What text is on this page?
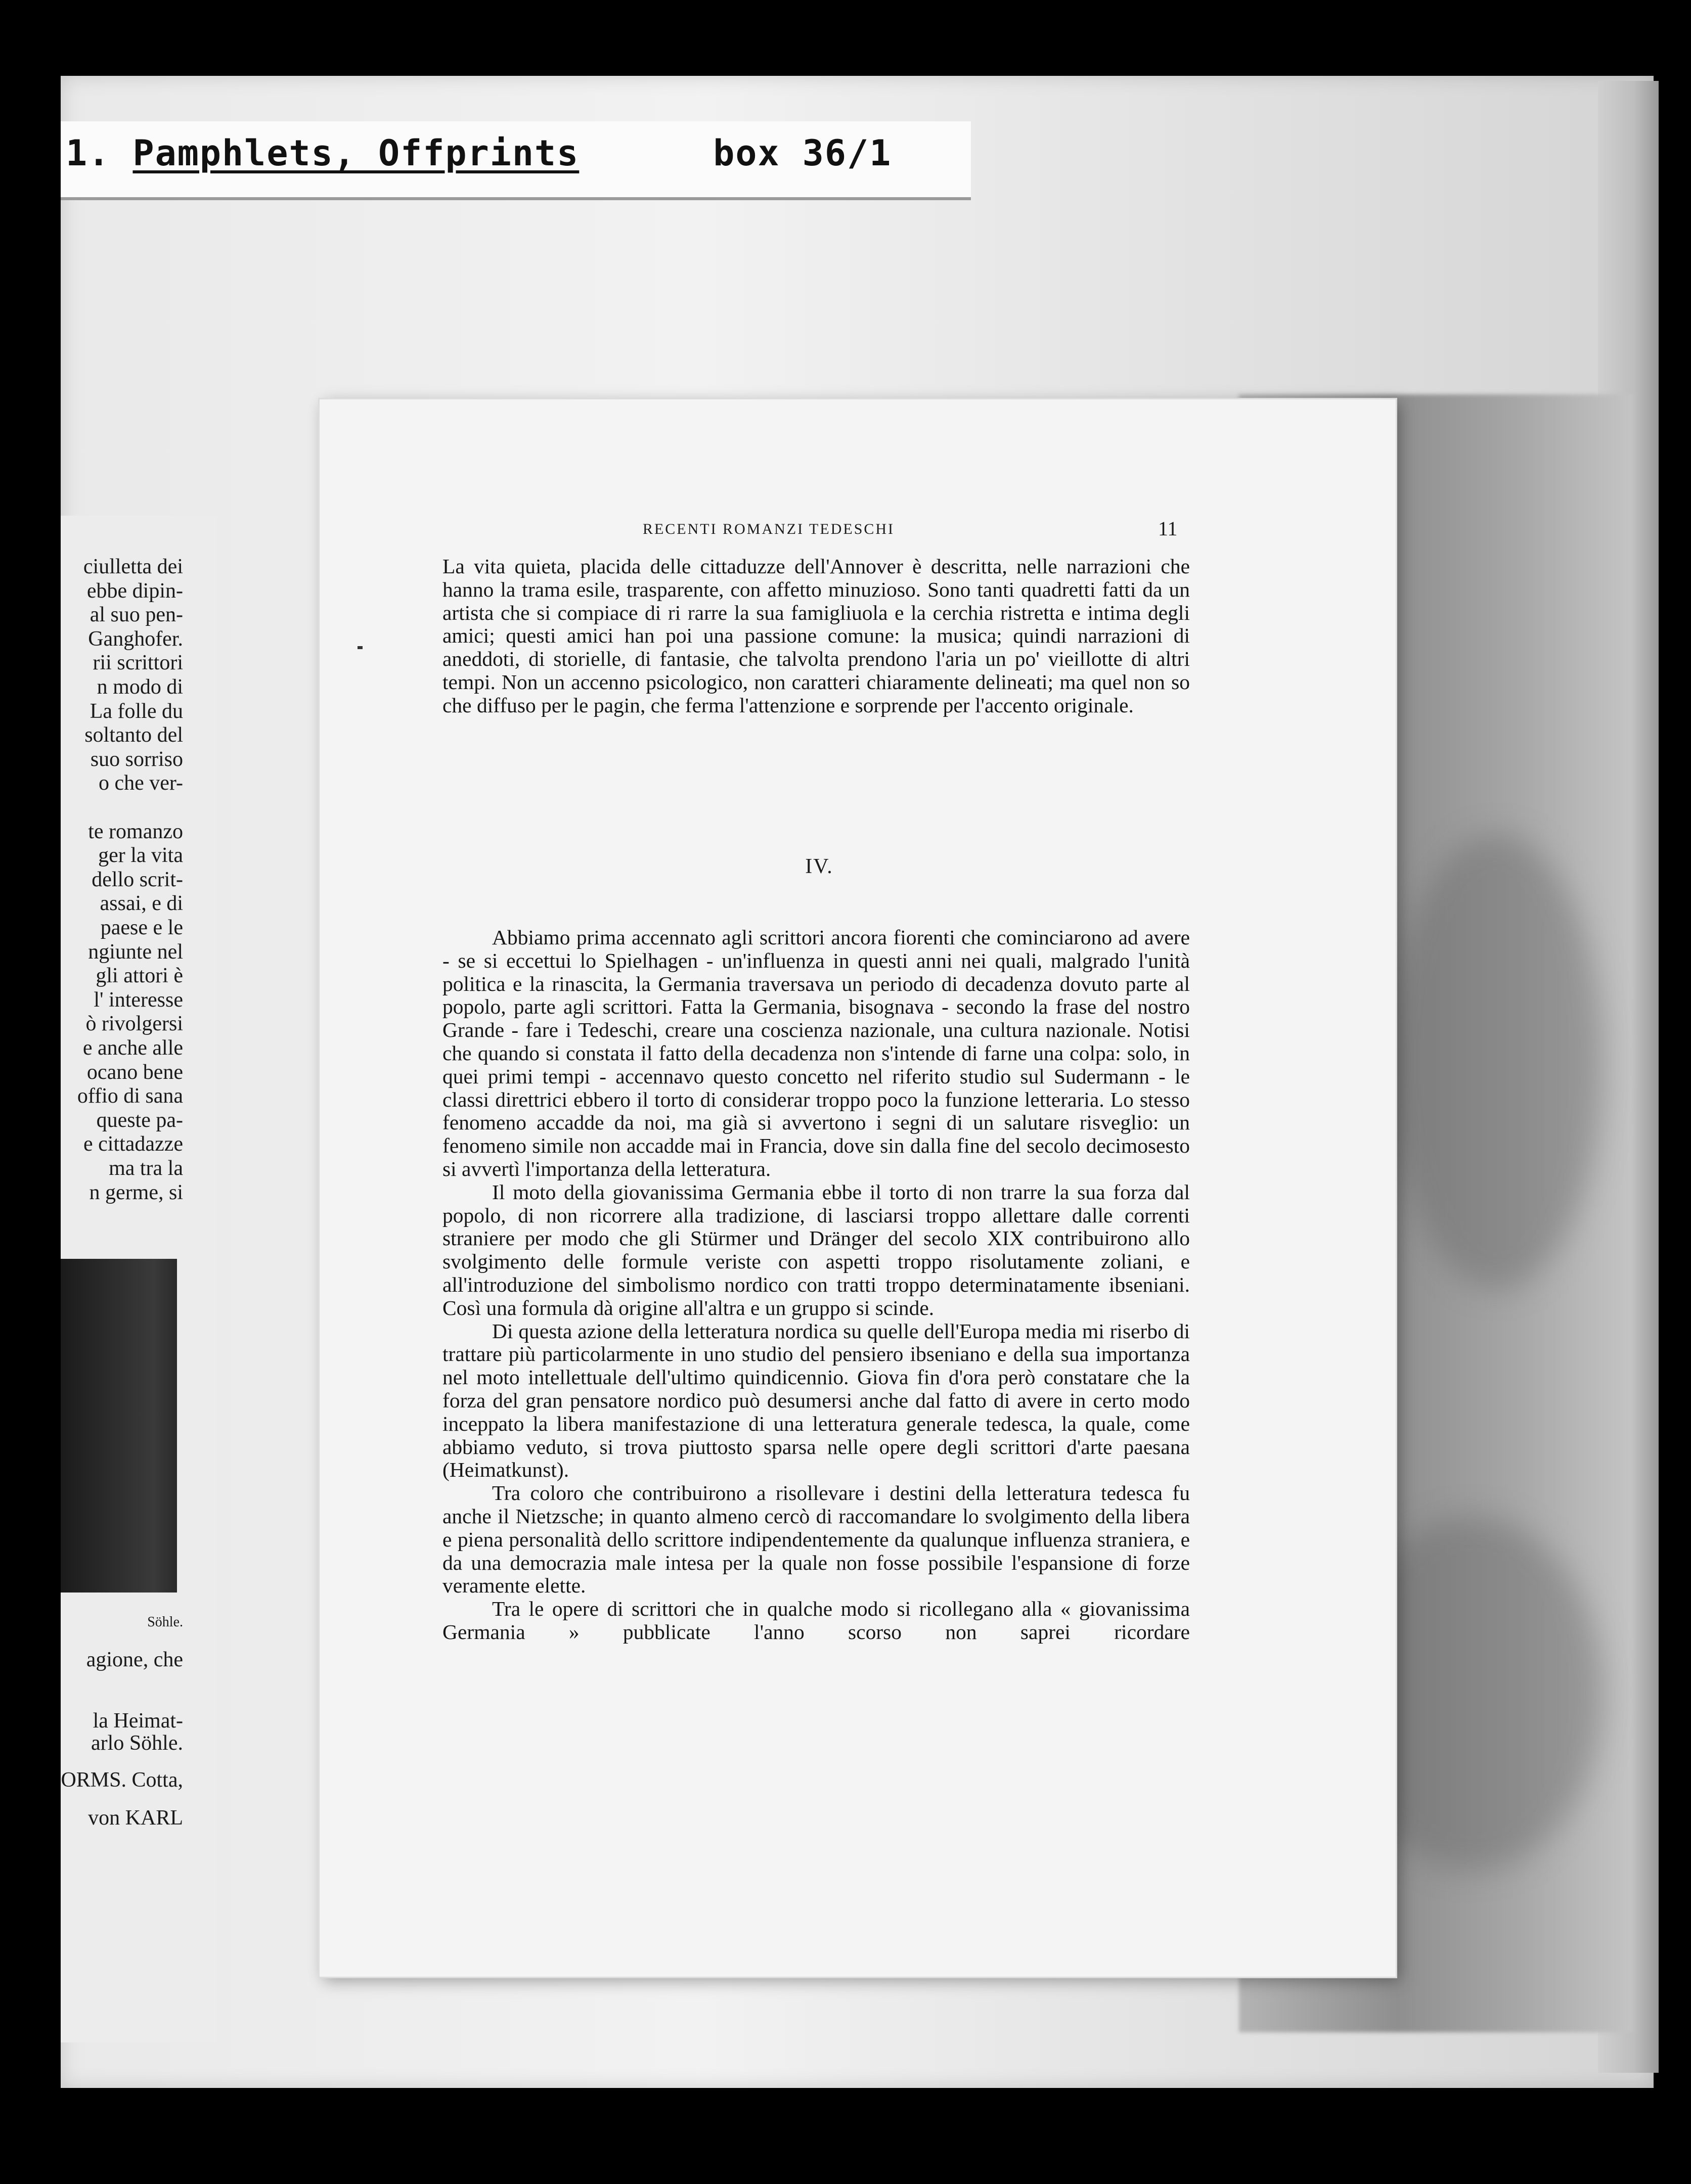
1. Pamphlets, Offprints	box 36/1
ciulletta dei
ebbe dipin-
al suo pen-
Ganghofer.
rii scrittori
n modo di
La folle du
soltanto del
suo sorriso
o che ver-
te romanzo
ger la vita
dello scrit-
assai, e di
paese e le
ngiunte nel
gli attori è
l' interesse
ò rivolgersi
e anche alle
ocano bene
offio di sana
queste pa-
e cittadazze
ma tra la
n germe, si
Söhle.
agione, che
la Heimat-
arlo Söhle.
ORMS. Cotta,
von KARL
RECENTI ROMANZI TEDESCHI	11

La vita quieta, placida delle cittaduzze dell'Annover è descritta, nelle narrazioni che hanno la trama esile, trasparente, con affetto minuzioso. Sono tanti quadretti fatti da un artista che si compiace di ri rarre la sua famigliuola e la cerchia ristretta e intima degli amici; questi amici han poi una passione comune: la musica; quindi narrazioni di aneddoti, di storielle, di fantasie, che talvolta prendono l'aria un po' vieillotte di altri tempi. Non un accenno psicologico, non caratteri chiaramente delineati; ma quel non so che diffuso per le pagin, che ferma l'attenzione e sorprende per l'accento originale.

IV.

Abbiamo prima accennato agli scrittori ancora fiorenti che cominciarono ad avere - se si eccettui lo Spielhagen - un'influenza in questi anni nei quali, malgrado l'unità politica e la rinascita, la Germania traversava un periodo di decadenza dovuto parte al popolo, parte agli scrittori. Fatta la Germania, bisognava - secondo la frase del nostro Grande - fare i Tedeschi, creare una coscienza nazionale, una cultura nazionale. Notisi che quando si constata il fatto della decadenza non s'intende di farne una colpa: solo, in quei primi tempi - accennavo questo concetto nel riferito studio sul Sudermann - le classi direttrici ebbero il torto di considerar troppo poco la funzione letteraria. Lo stesso fenomeno accadde da noi, ma già si avvertono i segni di un salutare risveglio: un fenomeno simile non accadde mai in Francia, dove sin dalla fine del secolo decimosesto si avvertì l'importanza della letteratura.

Il moto della giovanissima Germania ebbe il torto di non trarre la sua forza dal popolo, di non ricorrere alla tradizione, di lasciarsi troppo allettare dalle correnti straniere per modo che gli Stürmer und Dränger del secolo XIX contribuirono allo svolgimento delle formule veriste con aspetti troppo risolutamente zoliani, e all'introduzione del simbolismo nordico con tratti troppo determinatamente ibseniani. Così una formula dà origine all'altra e un gruppo si scinde.

Di questa azione della letteratura nordica su quelle dell'Europa media mi riserbo di trattare più particolarmente in uno studio del pensiero ibseniano e della sua importanza nel moto intellettuale dell'ultimo quindicennio. Giova fin d'ora però constatare che la forza del gran pensatore nordico può desumersi anche dal fatto di avere in certo modo inceppato la libera manifestazione di una letteratura generale tedesca, la quale, come abbiamo veduto, si trova piuttosto sparsa nelle opere degli scrittori d'arte paesana (Heimatkunst).

Tra coloro che contribuirono a risollevare i destini della letteratura tedesca fu anche il Nietzsche; in quanto almeno cercò di raccomandare lo svolgimento della libera e piena personalità dello scrittore indipendentemente da qualunque influenza straniera, e da una democrazia male intesa per la quale non fosse possibile l'espansione di forze veramente elette.

Tra le opere di scrittori che in qualche modo si ricollegano alla « giovanissima Germania » pubblicate l'anno scorso non saprei ricordare
